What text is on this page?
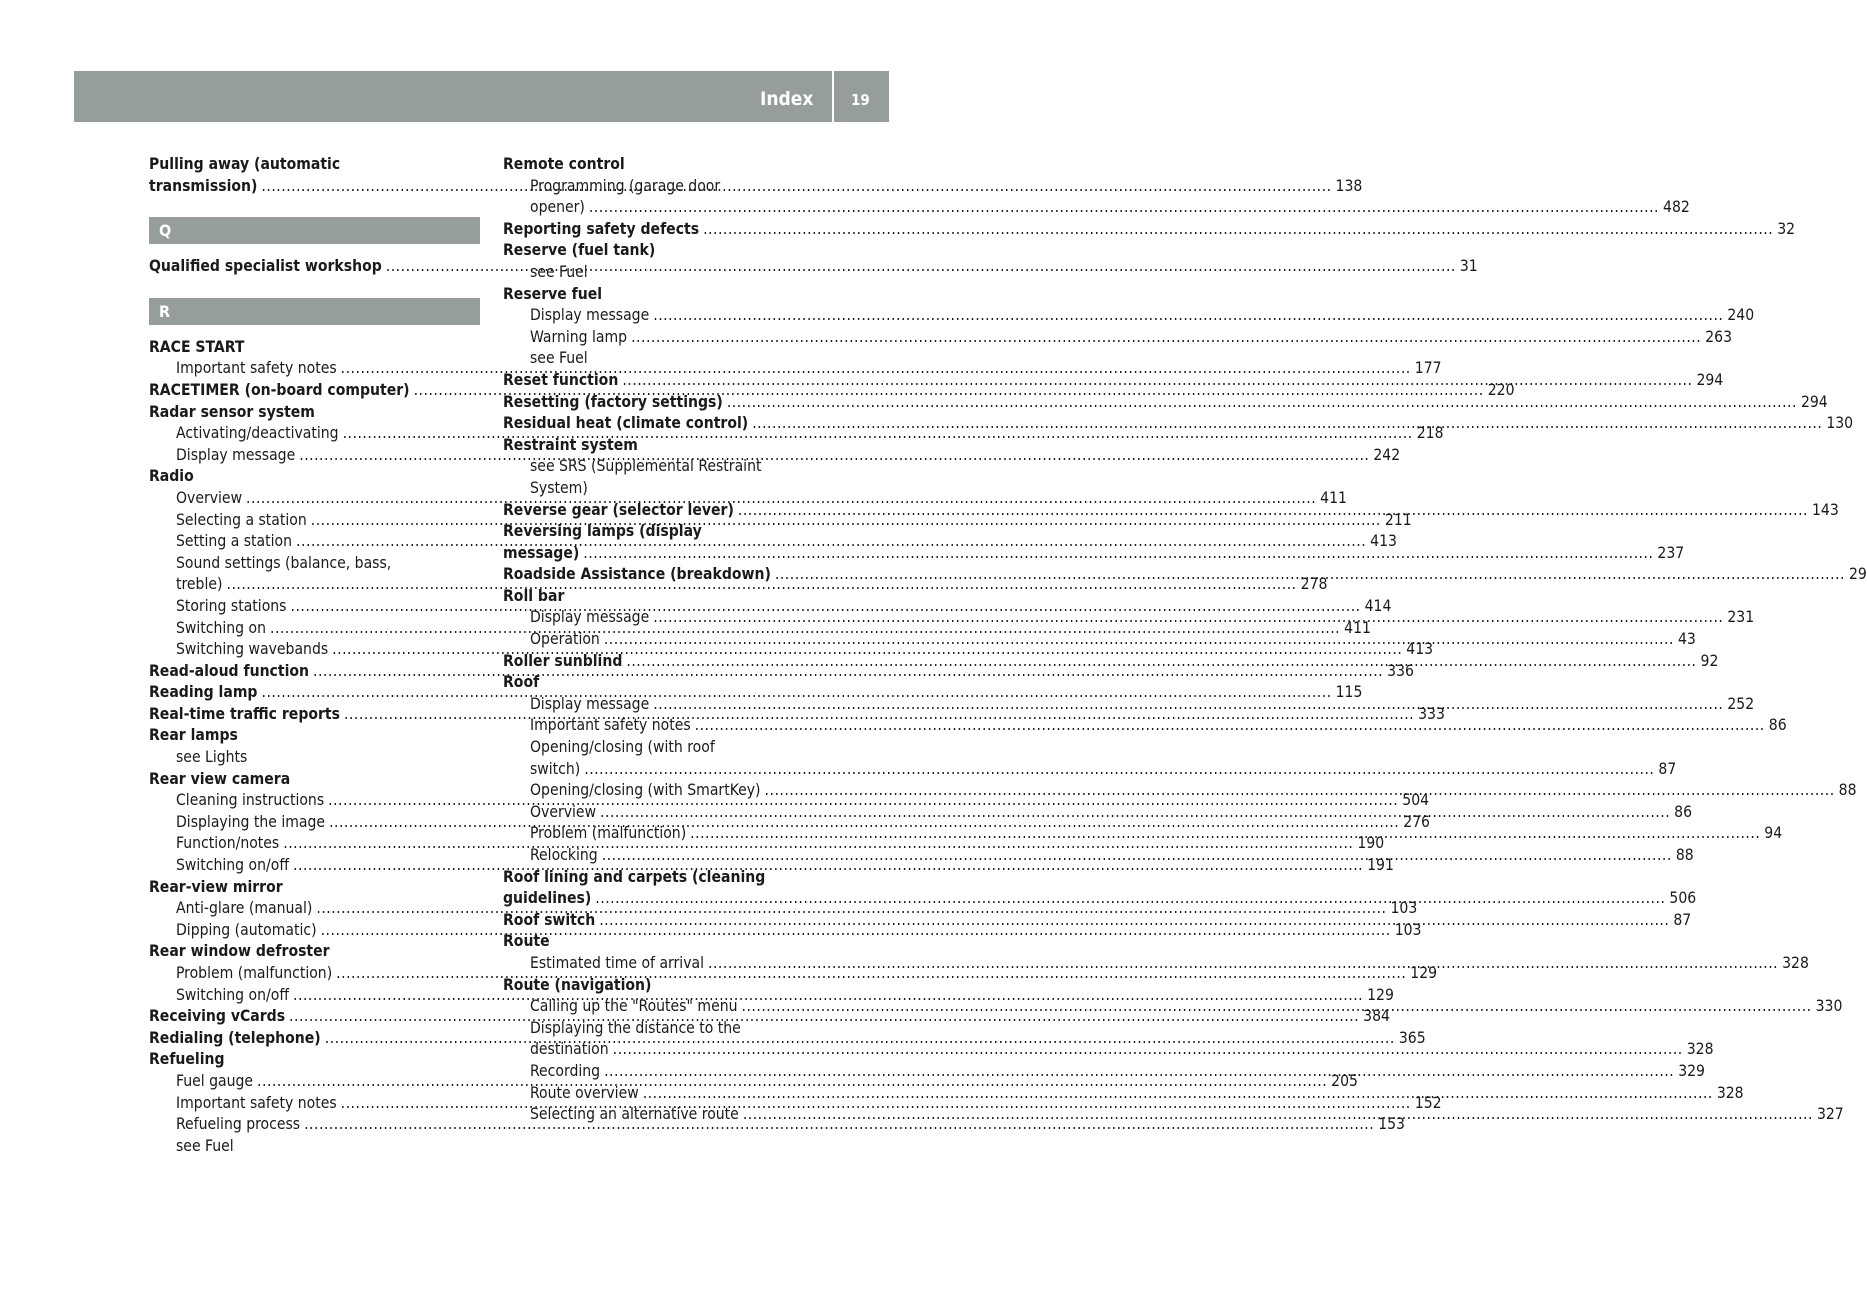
Index	19
Pulling away (automatic
transmission) .....	138
Q
Qualified specialist workshop .....	31
R
RACE START
Important safety notes .....	177
RACETIMER (on-board computer) .....	220
Radar sensor system
Activating/deactivating .....	218
Display message .....	242
Radio
Overview .....	411
Selecting a station .....	211
Setting a station .....	413
Sound settings (balance, bass,
treble) .....	278
Storing stations .....	414
Switching on .....	411
Switching wavebands .....	413
Read-aloud function .....	336
Reading lamp .....	115
Real-time traffic reports .....	333
Rear lamps
see Lights
Rear view camera
Cleaning instructions .....	504
Displaying the image .....	276
Function/notes .....	190
Switching on/off .....	191
Rear-view mirror
Anti-glare (manual) .....	103
Dipping (automatic) .....	103
Rear window defroster
Problem (malfunction) .....	129
Switching on/off .....	129
Receiving vCards .....	384
Redialing (telephone) .....	365
Refueling
Fuel gauge .....	205
Important safety notes .....	152
Refueling process .....	153
see Fuel
Remote control
Programming (garage door
opener) .....	482
Reporting safety defects .....	32
Reserve (fuel tank)
see Fuel
Reserve fuel
Display message .....	240
Warning lamp .....	263
see Fuel
Reset function .....	294
Resetting (factory settings) .....	294
Residual heat (climate control) .....	130
Restraint system
see SRS (Supplemental Restraint
System)
Reverse gear (selector lever) .....	143
Reversing lamps (display
message) .....	237
Roadside Assistance (breakdown) .....	29
Roll bar
Display message .....	231
Operation .....	43
Roller sunblind .....	92
Roof
Display message .....	252
Important safety notes .....	86
Opening/closing (with roof
switch) .....	87
Opening/closing (with SmartKey) .....	88
Overview .....	86
Problem (malfunction) .....	94
Relocking .....	88
Roof lining and carpets (cleaning
guidelines) .....	506
Roof switch .....	87
Route
Estimated time of arrival .....	328
Route (navigation)
Calling up the "Routes" menu .....	330
Displaying the distance to the
destination .....	328
Recording .....	329
Route overview .....	328
Selecting an alternative route .....	327
